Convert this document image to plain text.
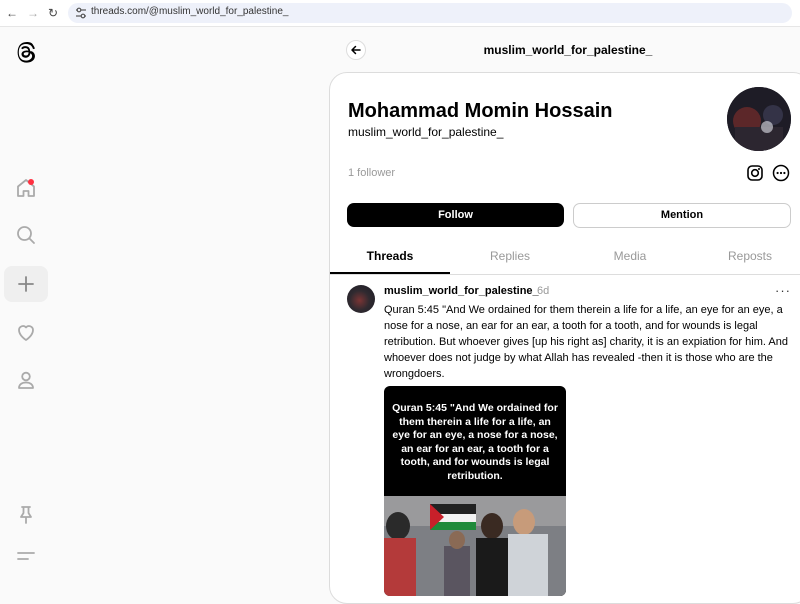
← → ↻	threads.com/@muslim_world_for_palestine_
muslim_world_for_palestine_
Mohammad Momin Hossain
muslim_world_for_palestine_
1 follower
Follow	Mention
Threads	Replies	Media	Reposts
muslim_world_for_palestine_
6d	···
Quran 5:45 "And We ordained for them therein a life for a life, an eye for an eye, a nose for a nose, an ear for an ear, a tooth for a tooth, and for wounds is legal retribution. But whoever gives [up his right as] charity, it is an expiation for him. And whoever does not judge by what Allah has revealed -then it is those who are the wrongdoers.
Quran 5:45 "And We ordained for them therein a life for a life, an eye for an eye, a nose for a nose, an ear for an ear, a tooth for a tooth, and for wounds is legal retribution.
